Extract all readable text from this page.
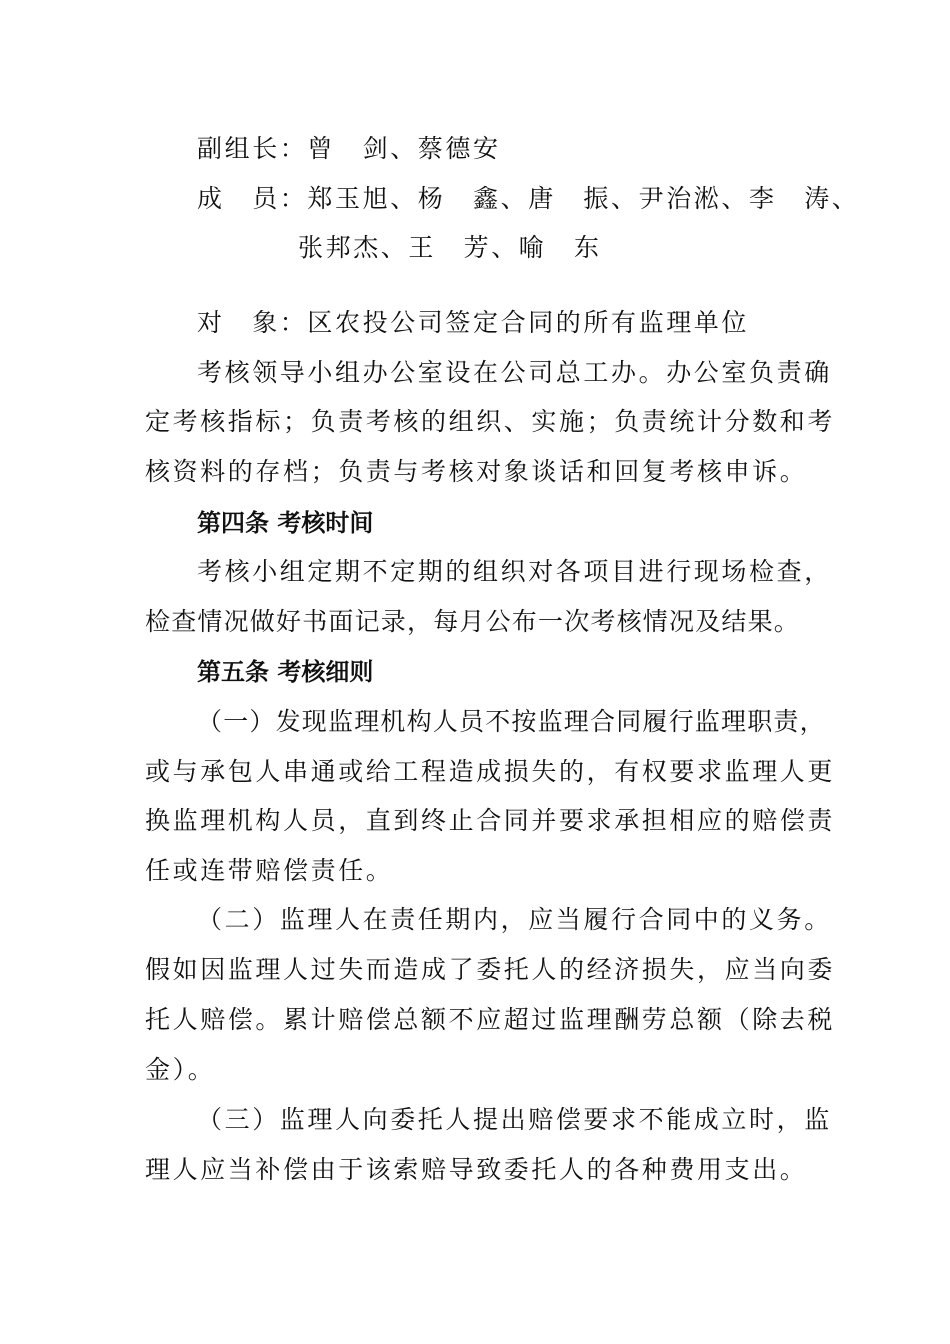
副组长：曾　剑、蔡德安
成　员：郑玉旭、杨　鑫、唐　振、尹治淞、李　涛、
张邦杰、王　芳、喻　东
对　象：区农投公司签定合同的所有监理单位
考核领导小组办公室设在公司总工办。办公室负责确
定考核指标；负责考核的组织、实施；负责统计分数和考
核资料的存档；负责与考核对象谈话和回复考核申诉。
第四条 考核时间
考核小组定期不定期的组织对各项目进行现场检查，
检查情况做好书面记录，每月公布一次考核情况及结果。
第五条 考核细则
（一）发现监理机构人员不按监理合同履行监理职责，
或与承包人串通或给工程造成损失的，有权要求监理人更
换监理机构人员，直到终止合同并要求承担相应的赔偿责
任或连带赔偿责任。
（二）监理人在责任期内，应当履行合同中的义务。
假如因监理人过失而造成了委托人的经济损失，应当向委
托人赔偿。累计赔偿总额不应超过监理酬劳总额（除去税
金）。
（三）监理人向委托人提出赔偿要求不能成立时，监
理人应当补偿由于该索赔导致委托人的各种费用支出。
